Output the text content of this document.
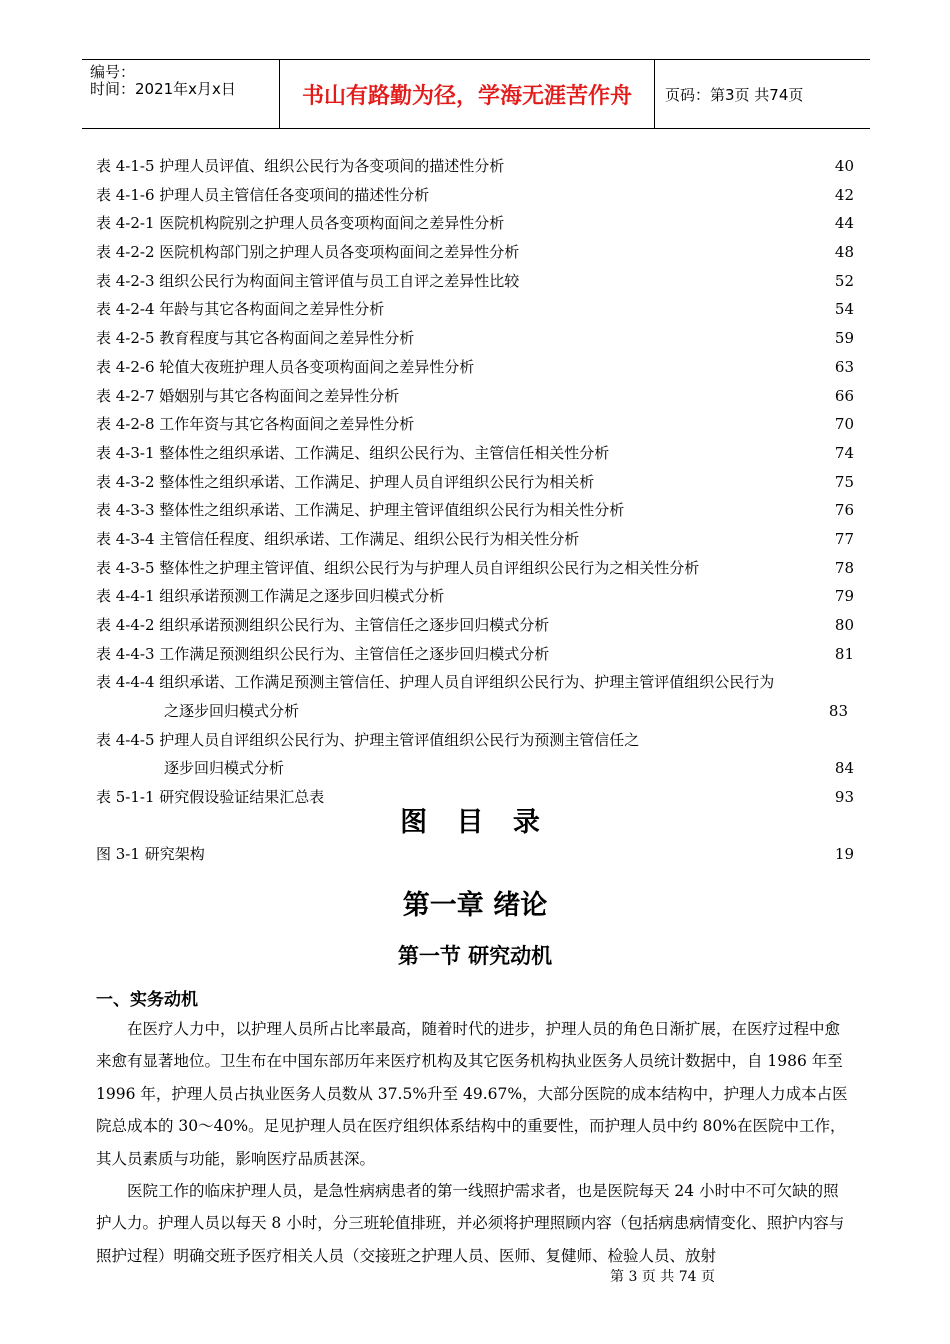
编号：
时间：2021年x月x日	书山有路勤为径，学海无涯苦作舟	页码：第3页 共74页
表 4-1-5 护理人员评值、组织公民行为各变项间的描述性分析	40
表 4-1-6 护理人员主管信任各变项间的描述性分析	42
表 4-2-1 医院机构院别之护理人员各变项构面间之差异性分析	44
表 4-2-2 医院机构部门别之护理人员各变项构面间之差异性分析	48
表 4-2-3 组织公民行为构面间主管评值与员工自评之差异性比较	52
表 4-2-4 年龄与其它各构面间之差异性分析	54
表 4-2-5 教育程度与其它各构面间之差异性分析	59
表 4-2-6 轮值大夜班护理人员各变项构面间之差异性分析	63
表 4-2-7 婚姻别与其它各构面间之差异性分析	66
表 4-2-8 工作年资与其它各构面间之差异性分析	70
表 4-3-1 整体性之组织承诺、工作满足、组织公民行为、主管信任相关性分析	74
表 4-3-2 整体性之组织承诺、工作满足、护理人员自评组织公民行为相关析	75
表 4-3-3 整体性之组织承诺、工作满足、护理主管评值组织公民行为相关性分析	76
表 4-3-4 主管信任程度、组织承诺、工作满足、组织公民行为相关性分析	77
表 4-3-5 整体性之护理主管评值、组织公民行为与护理人员自评组织公民行为之相关性分析	78
表 4-4-1 组织承诺预测工作满足之逐步回归模式分析	79
表 4-4-2 组织承诺预测组织公民行为、主管信任之逐步回归模式分析	80
表 4-4-3 工作满足预测组织公民行为、主管信任之逐步回归模式分析	81
表 4-4-4 组织承诺、工作满足预测主管信任、护理人员自评组织公民行为、护理主管评值组织公民行为
之逐步回归模式分析	83
表 4-4-5 护理人员自评组织公民行为、护理主管评值组织公民行为预测主管信任之
逐步回归模式分析	84
表 5-1-1 研究假设验证结果汇总表	93
图 目 录
图 3-1 研究架构	19
第一章 绪论
第一节 研究动机
一、实务动机

在医疗人力中，以护理人员所占比率最高，随着时代的进步，护理人员的角色日渐扩展，在医疗过程中愈来愈有显著地位。卫生布在中国东部历年来医疗机构及其它医务机构执业医务人员统计数据中，自 1986 年至 1996 年，护理人员占执业医务人员数从 37.5%升至 49.67%，大部分医院的成本结构中，护理人力成本占医院总成本的 30～40%。足见护理人员在医疗组织体系结构中的重要性，而护理人员中约 80%在医院中工作，其人员素质与功能，影响医疗品质甚深。

医院工作的临床护理人员，是急性病病患者的第一线照护需求者，也是医院每天 24 小时中不可欠缺的照护人力。护理人员以每天 8 小时，分三班轮值排班，并必须将护理照顾内容（包括病患病情变化、照护内容与照护过程）明确交班予医疗相关人员（交接班之护理人员、医师、复健师、检验人员、放射

第 3 页 共 74 页
